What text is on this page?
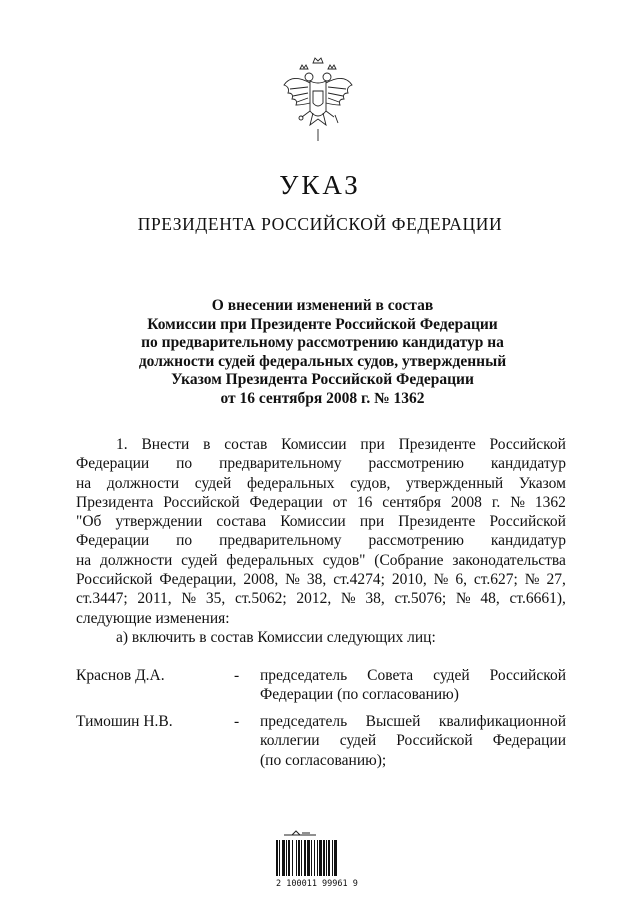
УКАЗ
ПРЕЗИДЕНТА РОССИЙСКОЙ ФЕДЕРАЦИИ
О внесении изменений в состав
Комиссии при Президенте Российской Федерации
по предварительному рассмотрению кандидатур на
должности судей федеральных судов, утвержденный
Указом Президента Российской Федерации
от 16 сентября 2008 г. № 1362
1. Внести в состав Комиссии при Президенте Российской
Федерации по предварительному рассмотрению кандидатур
на должности судей федеральных судов, утвержденный Указом
Президента Российской Федерации от 16 сентября 2008 г. № 1362
"Об утверждении состава Комиссии при Президенте Российской
Федерации по предварительному рассмотрению кандидатур
на должности судей федеральных судов" (Собрание законодательства
Российской Федерации, 2008, № 38, ст.4274; 2010, № 6, ст.627; № 27,
ст.3447; 2011, № 35, ст.5062; 2012, № 38, ст.5076; № 48, ст.6661),
следующие изменения:
а) включить в состав Комиссии следующих лиц:
Краснов Д.А.	- председатель Совета судей Российской
Федерации (по согласованию)
Тимошин Н.В.	- председатель Высшей квалификационной
коллегии судей Российской Федерации
(по согласованию);
2 100011 99961 9
